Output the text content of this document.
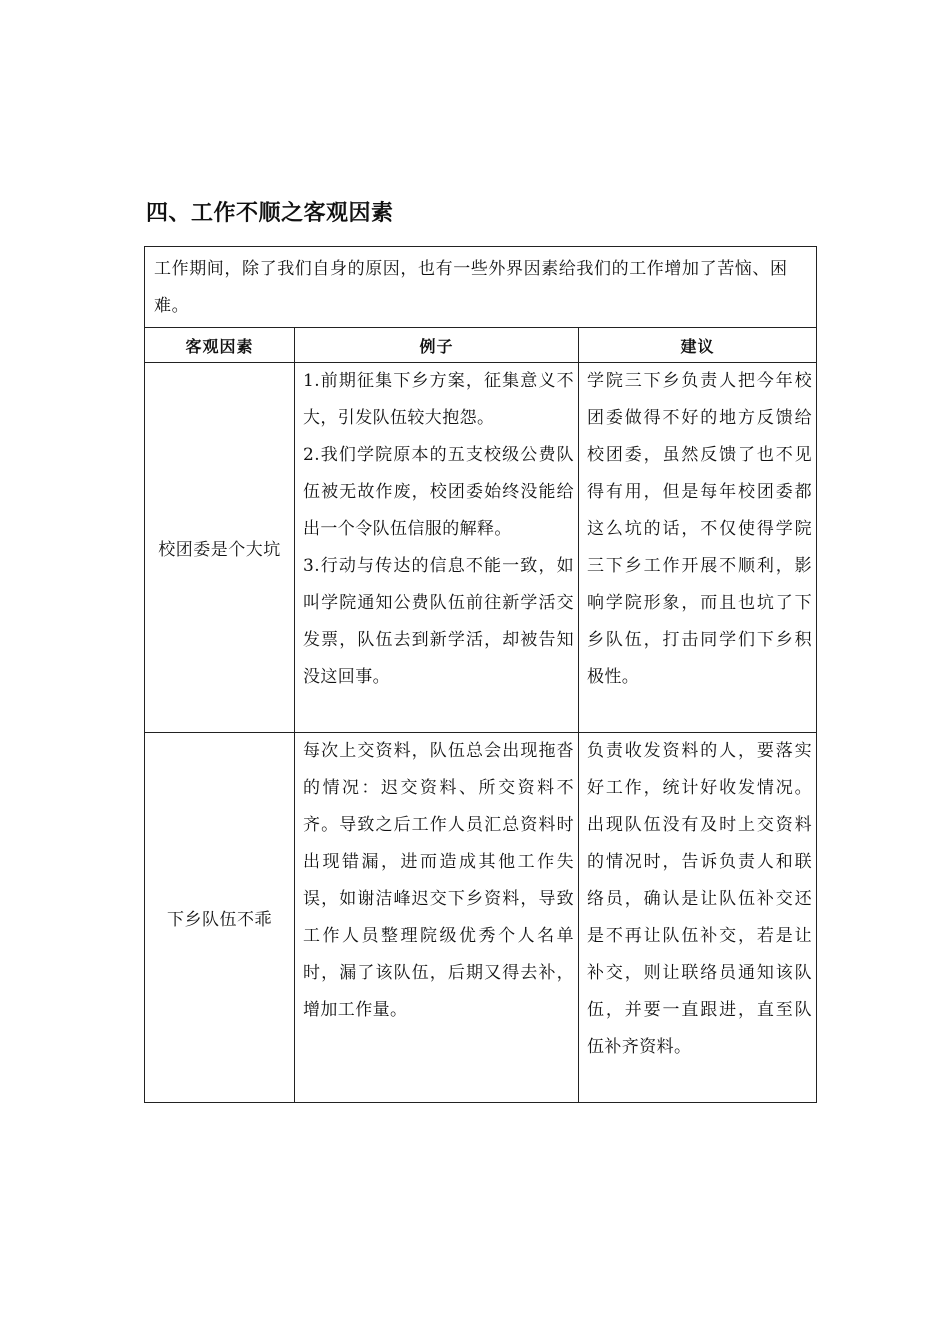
四、工作不顺之客观因素
工作期间，除了我们自身的原因，也有一些外界因素给我们的工作增加了苦恼、困难。		
客观因素	例子	建议
校团委是个大坑	1.前期征集下乡方案，征集意义不大，引发队伍较大抱怨。

2.我们学院原本的五支校级公费队伍被无故作废，校团委始终没能给出一个令队伍信服的解释。

3.行动与传达的信息不能一致，如叫学院通知公费队伍前往新学活交发票，队伍去到新学活，却被告知没这回事。	学院三下乡负责人把今年校团委做得不好的地方反馈给校团委，虽然反馈了也不见得有用，但是每年校团委都这么坑的话，不仅使得学院三下乡工作开展不顺利，影响学院形象，而且也坑了下乡队伍，打击同学们下乡积极性。

下乡队伍不乖	每次上交资料，队伍总会出现拖沓的情况：迟交资料、所交资料不齐。导致之后工作人员汇总资料时出现错漏，进而造成其他工作失误，如谢洁峰迟交下乡资料，导致工作人员整理院级优秀个人名单时，漏了该队伍，后期又得去补，增加工作量。	负责收发资料的人，要落实好工作，统计好收发情况。出现队伍没有及时上交资料的情况时，告诉负责人和联络员，确认是让队伍补交还是不再让队伍补交，若是让补交，则让联络员通知该队伍，并要一直跟进，直至队伍补齐资料。
